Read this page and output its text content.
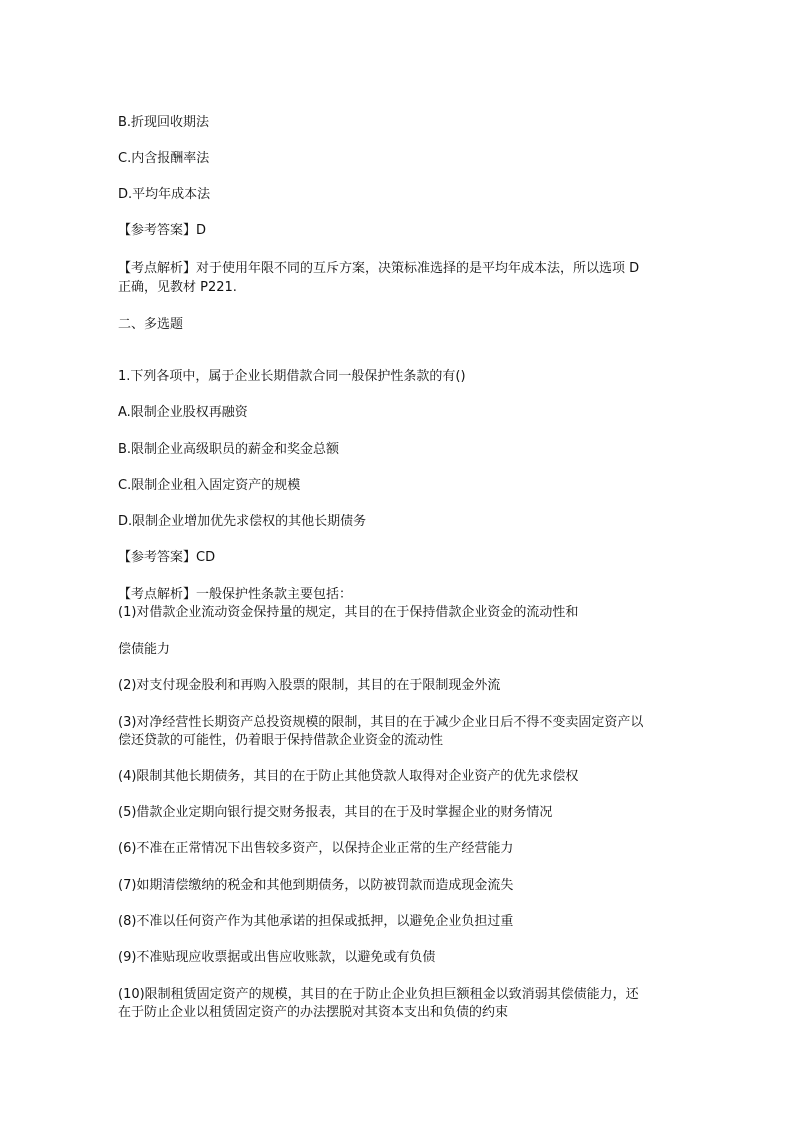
B.折现回收期法

C.内含报酬率法

D.平均年成本法

【参考答案】D

【考点解析】对于使用年限不同的互斥方案，决策标准选择的是平均年成本法，所以选项 D

正确，见教材 P221.

二、多选题

1.下列各项中，属于企业长期借款合同一般保护性条款的有()

A.限制企业股权再融资

B.限制企业高级职员的薪金和奖金总额

C.限制企业租入固定资产的规模

D.限制企业增加优先求偿权的其他长期债务

【参考答案】CD

【考点解析】一般保护性条款主要包括：

(1)对借款企业流动资金保持量的规定，其目的在于保持借款企业资金的流动性和

偿债能力

(2)对支付现金股利和再购入股票的限制，其目的在于限制现金外流

(3)对净经营性长期资产总投资规模的限制，其目的在于减少企业日后不得不变卖固定资产以

偿还贷款的可能性，仍着眼于保持借款企业资金的流动性

(4)限制其他长期债务，其目的在于防止其他贷款人取得对企业资产的优先求偿权

(5)借款企业定期向银行提交财务报表，其目的在于及时掌握企业的财务情况

(6)不准在正常情况下出售较多资产，以保持企业正常的生产经营能力

(7)如期清偿缴纳的税金和其他到期债务，以防被罚款而造成现金流失

(8)不准以任何资产作为其他承诺的担保或抵押，以避免企业负担过重

(9)不准贴现应收票据或出售应收账款，以避免或有负债

(10)限制租赁固定资产的规模，其目的在于防止企业负担巨额租金以致消弱其偿债能力，还

在于防止企业以租赁固定资产的办法摆脱对其资本支出和负债的约束
